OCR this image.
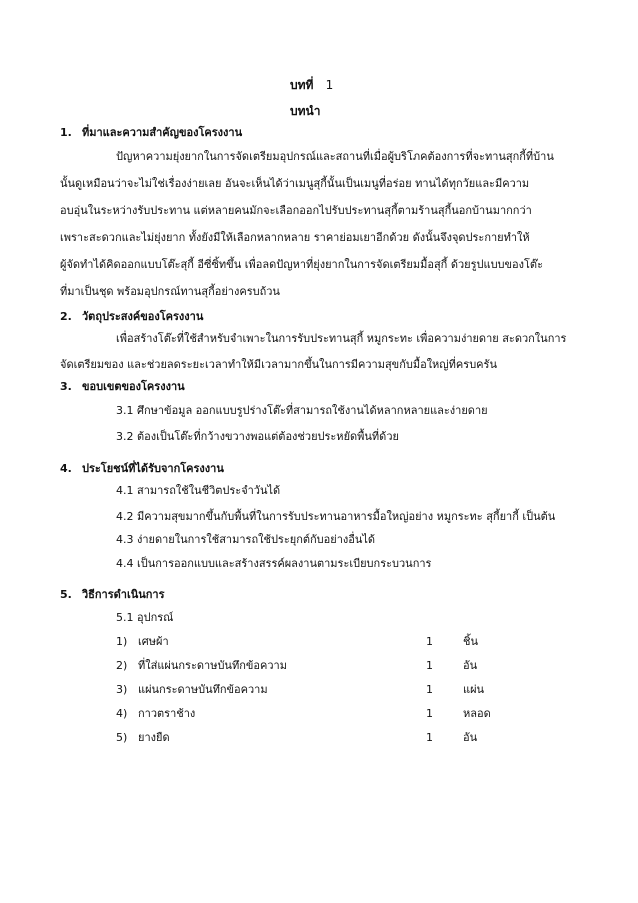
บทที่ 1
บทนำ
1. ที่มาและความสำคัญของโครงงาน
ปัญหาความยุ่งยากในการจัดเตรียมอุปกรณ์และสถานที่เมื่อผู้บริโภคต้องการที่จะทานสุกกี้ที่บ้าน
นั้นดูเหมือนว่าจะไม่ใช่เรื่องง่ายเลย อันจะเห็นได้ว่าเมนูสุกี้นั้นเป็นเมนูที่อร่อย ทานได้ทุกวัยและมีความ
อบอุ่นในระหว่างรับประทาน แต่หลายคนมักจะเลือกออกไปรับประทานสุกี้ตามร้านสุกี้นอกบ้านมากกว่า
เพราะสะดวกและไม่ยุ่งยาก ทั้งยังมีให้เลือกหลากหลาย ราคาย่อมเยาอีกด้วย ดังนั้นจึงจุดประกายทำให้
ผู้จัดทำได้คิดออกแบบโต๊ะสุกี้ อีซี่ซิ้ทขึ้น เพื่อลดปัญหาที่ยุ่งยากในการจัดเตรียมมื้อสุกี้ ด้วยรูปแบบของโต๊ะ
ที่มาเป็นชุด พร้อมอุปกรณ์ทานสุกี้อย่างครบถ้วน
2. วัตถุประสงค์ของโครงงาน
เพื่อสร้างโต๊ะที่ใช้สำหรับจำเพาะในการรับประทานสุกี้ หมูกระทะ เพื่อความง่ายดาย สะดวกในการ
จัดเตรียมของ และช่วยลดระยะเวลาทำให้มีเวลามากขึ้นในการมีความสุขกับมื้อใหญ่ที่ครบครัน
3. ขอบเขตของโครงงาน
3.1 ศึกษาข้อมูล ออกแบบรูปร่างโต๊ะที่สามารถใช้งานได้หลากหลายและง่ายดาย
3.2 ต้องเป็นโต๊ะที่กว้างขวางพอแต่ต้องช่วยประหยัดพื้นที่ด้วย
4. ประโยชน์ที่ได้รับจากโครงงาน
4.1 สามารถใช้ในชีวิตประจำวันได้
4.2 มีความสุขมากขึ้นกับพื้นที่ในการรับประทานอาหารมื้อใหญ่อย่าง หมูกระทะ สุกี้ยากี้ เป็นต้น
4.3 ง่ายดายในการใช้สามารถใช้ประยุกต์กับอย่างอื่นได้
4.4 เป็นการออกแบบและสร้างสรรค์ผลงานตามระเบียบกระบวนการ
5. วิธีการดำเนินการ
5.1 อุปกรณ์
1) เศษผ้า	1	ชิ้น
2) ที่ใส่แผ่นกระดาษบันทึกข้อความ	1	อัน
3) แผ่นกระดาษบันทึกข้อความ	1	แผ่น
4) กาวตราช้าง	1	หลอด
5) ยางยืด	1	อัน
